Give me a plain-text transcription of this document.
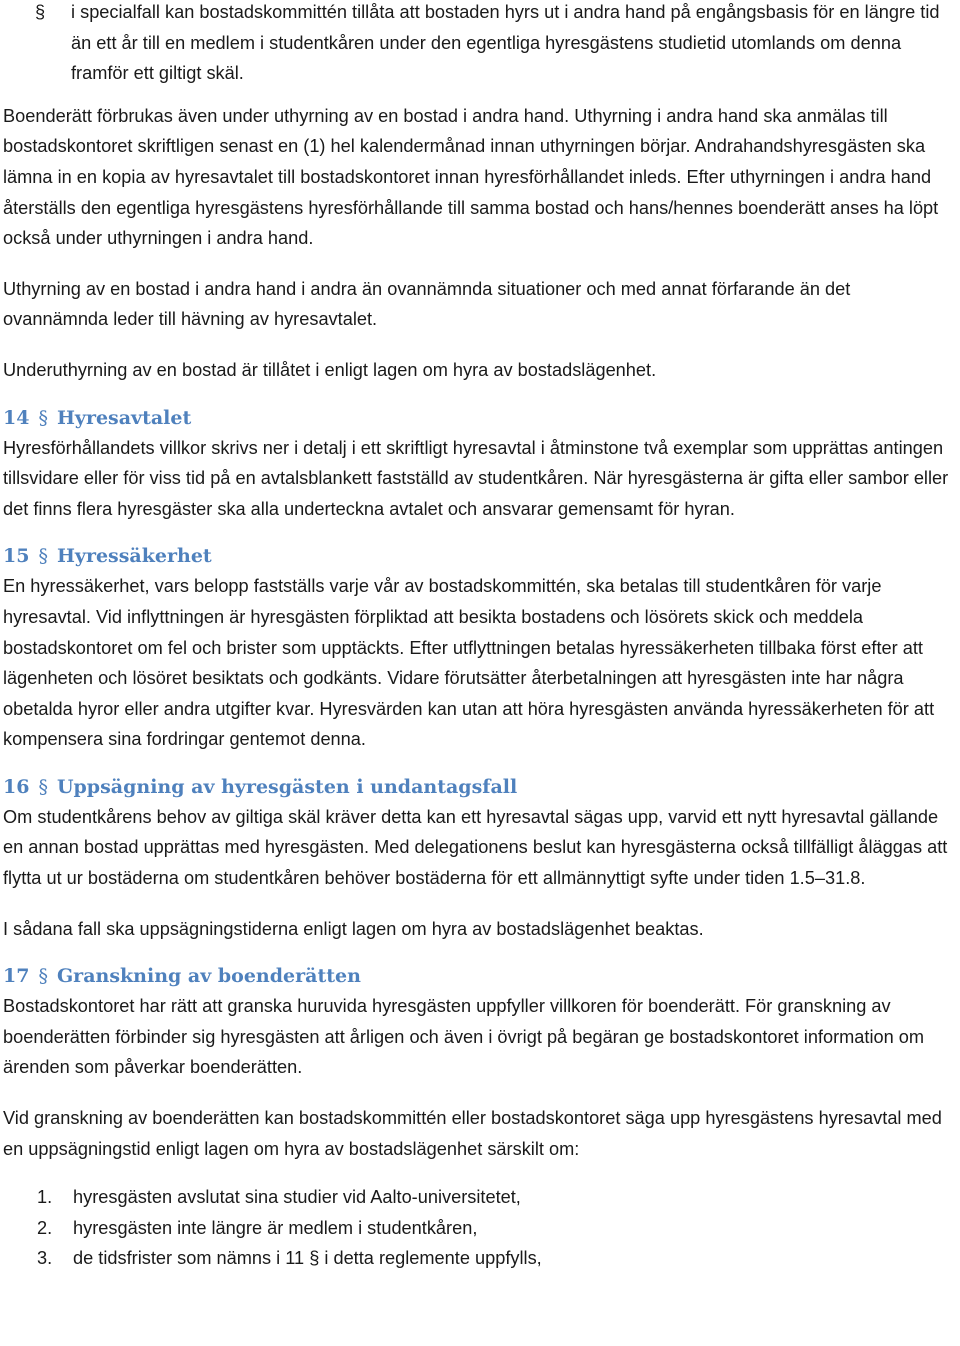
§	i specialfall kan bostadskommittén tillåta att bostaden hyrs ut i andra hand på engångsbasis för en längre tid än ett år till en medlem i studentkåren under den egentliga hyresgästens studietid utomlands om denna framför ett giltigt skäl.

Boenderätt förbrukas även under uthyrning av en bostad i andra hand. Uthyrning i andra hand ska anmälas till bostadskontoret skriftligen senast en (1) hel kalendermånad innan uthyrningen börjar. Andrahandshyresgästen ska lämna in en kopia av hyresavtalet till bostadskontoret innan hyresförhållandet inleds. Efter uthyrningen i andra hand återställs den egentliga hyresgästens hyresförhållande till samma bostad och hans/hennes boenderätt anses ha löpt också under uthyrningen i andra hand.

Uthyrning av en bostad i andra hand i andra än ovannämnda situationer och med annat förfarande än det ovannämnda leder till hävning av hyresavtalet.

Underuthyrning av en bostad är tillåtet i enligt lagen om hyra av bostadslägenhet.

14 § Hyresavtalet

Hyresförhållandets villkor skrivs ner i detalj i ett skriftligt hyresavtal i åtminstone två exemplar som upprättas antingen tillsvidare eller för viss tid på en avtalsblankett fastställd av studentkåren. När hyresgästerna är gifta eller sambor eller det finns flera hyresgäster ska alla underteckna avtalet och ansvarar gemensamt för hyran.

15 § Hyressäkerhet

En hyressäkerhet, vars belopp fastställs varje vår av bostadskommittén, ska betalas till studentkåren för varje hyresavtal. Vid inflyttningen är hyresgästen förpliktad att besikta bostadens och lösörets skick och meddela bostadskontoret om fel och brister som upptäckts. Efter utflyttningen betalas hyressäkerheten tillbaka först efter att lägenheten och lösöret besiktats och godkänts. Vidare förutsätter återbetalningen att hyresgästen inte har några obetalda hyror eller andra utgifter kvar. Hyresvärden kan utan att höra hyresgästen använda hyressäkerheten för att kompensera sina fordringar gentemot denna.

16 § Uppsägning av hyresgästen i undantagsfall

Om studentkårens behov av giltiga skäl kräver detta kan ett hyresavtal sägas upp, varvid ett nytt hyresavtal gällande en annan bostad upprättas med hyresgästen. Med delegationens beslut kan hyresgästerna också tillfälligt åläggas att flytta ut ur bostäderna om studentkåren behöver bostäderna för ett allmännyttigt syfte under tiden 1.5–31.8.

I sådana fall ska uppsägningstiderna enligt lagen om hyra av bostadslägenhet beaktas.

17 § Granskning av boenderätten

Bostadskontoret har rätt att granska huruvida hyresgästen uppfyller villkoren för boenderätt. För granskning av boenderätten förbinder sig hyresgästen att årligen och även i övrigt på begäran ge bostadskontoret information om ärenden som påverkar boenderätten.

Vid granskning av boenderätten kan bostadskommittén eller bostadskontoret säga upp hyresgästens hyresavtal med en uppsägningstid enligt lagen om hyra av bostadslägenhet särskilt om:

1. hyresgästen avslutat sina studier vid Aalto-universitetet,
2. hyresgästen inte längre är medlem i studentkåren,
3. de tidsfrister som nämns i 11 § i detta reglemente uppfylls,
